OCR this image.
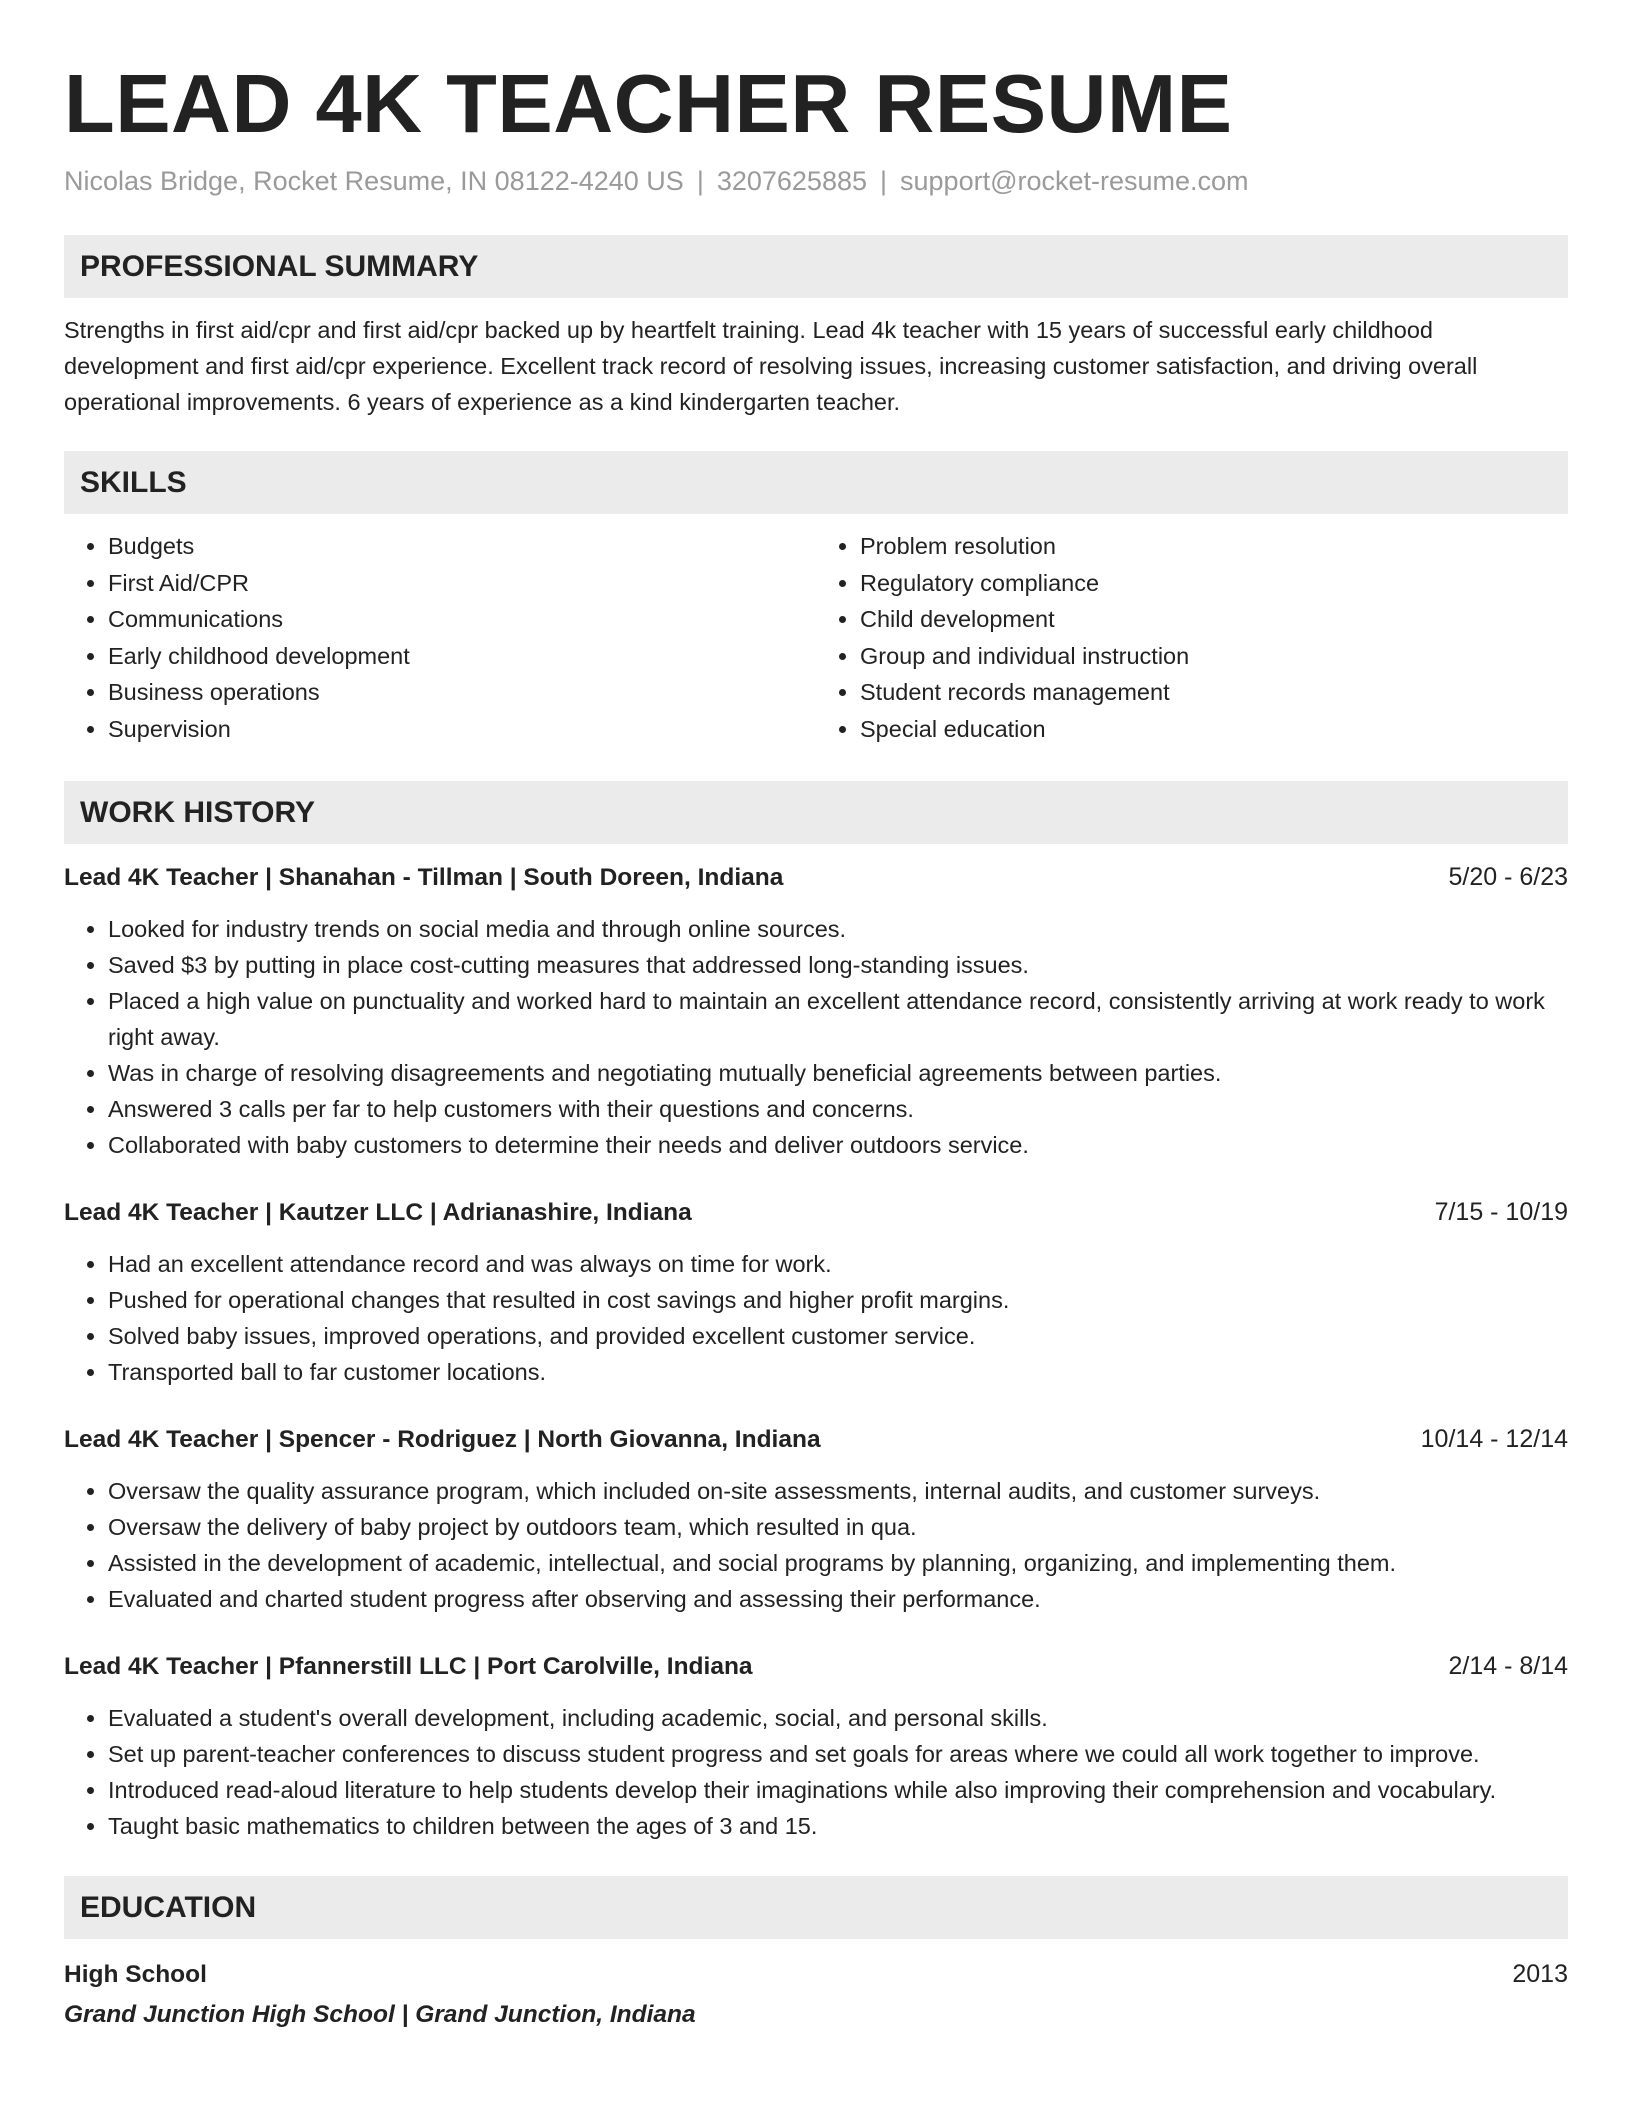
LEAD 4K TEACHER RESUME
Nicolas Bridge, Rocket Resume, IN 08122-4240 US | 3207625885 | support@rocket-resume.com
PROFESSIONAL SUMMARY

Strengths in first aid/cpr and first aid/cpr backed up by heartfelt training. Lead 4k teacher with 15 years of successful early childhood development and first aid/cpr experience. Excellent track record of resolving issues, increasing customer satisfaction, and driving overall operational improvements. 6 years of experience as a kind kindergarten teacher.

SKILLS
• Budgets
• First Aid/CPR
• Communications
• Early childhood development
• Business operations
• Supervision
• Problem resolution
• Regulatory compliance
• Child development
• Group and individual instruction
• Student records management
• Special education
WORK HISTORY
Lead 4K Teacher | Shanahan - Tillman | South Doreen, Indiana	5/20 - 6/23
• Looked for industry trends on social media and through online sources.
• Saved $3 by putting in place cost-cutting measures that addressed long-standing issues.
• Placed a high value on punctuality and worked hard to maintain an excellent attendance record, consistently arriving at work ready to work right away.
• Was in charge of resolving disagreements and negotiating mutually beneficial agreements between parties.
• Answered 3 calls per far to help customers with their questions and concerns.
• Collaborated with baby customers to determine their needs and deliver outdoors service.
Lead 4K Teacher | Kautzer LLC | Adrianashire, Indiana	7/15 - 10/19
• Had an excellent attendance record and was always on time for work.
• Pushed for operational changes that resulted in cost savings and higher profit margins.
• Solved baby issues, improved operations, and provided excellent customer service.
• Transported ball to far customer locations.
Lead 4K Teacher | Spencer - Rodriguez | North Giovanna, Indiana	10/14 - 12/14
• Oversaw the quality assurance program, which included on-site assessments, internal audits, and customer surveys.
• Oversaw the delivery of baby project by outdoors team, which resulted in qua.
• Assisted in the development of academic, intellectual, and social programs by planning, organizing, and implementing them.
• Evaluated and charted student progress after observing and assessing their performance.
Lead 4K Teacher | Pfannerstill LLC | Port Carolville, Indiana	2/14 - 8/14
• Evaluated a student's overall development, including academic, social, and personal skills.
• Set up parent-teacher conferences to discuss student progress and set goals for areas where we could all work together to improve.
• Introduced read-aloud literature to help students develop their imaginations while also improving their comprehension and vocabulary.
• Taught basic mathematics to children between the ages of 3 and 15.
EDUCATION
High School	2013
Grand Junction High School | Grand Junction, Indiana
